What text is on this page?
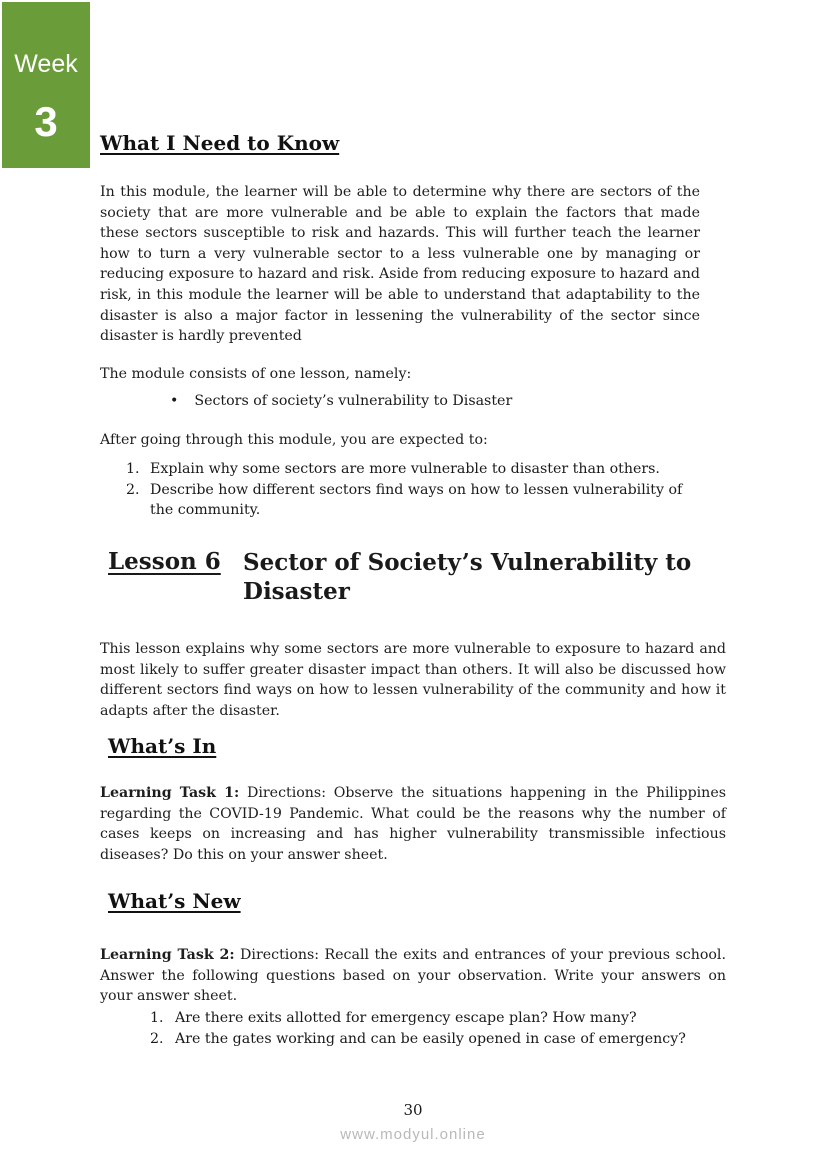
Week
3	What I Need to Know

In this module, the learner will be able to determine why there are sectors of the society that are more vulnerable and be able to explain the factors that made these sectors susceptible to risk and hazards. This will further teach the learner how to turn a very vulnerable sector to a less vulnerable one by managing or reducing exposure to hazard and risk. Aside from reducing exposure to hazard and risk, in this module the learner will be able to understand that adaptability to the disaster is also a major factor in lessening the vulnerability of the sector since disaster is hardly prevented

The module consists of one lesson, namely:

• Sectors of society’s vulnerability to Disaster

After going through this module, you are expected to:

1. Explain why some sectors are more vulnerable to disaster than others.
2. Describe how different sectors find ways on how to lessen vulnerability of the community.
Lesson 6 Sector of Society’s Vulnerability to Disaster

This lesson explains why some sectors are more vulnerable to exposure to hazard and most likely to suffer greater disaster impact than others. It will also be discussed how different sectors find ways on how to lessen vulnerability of the community and how it adapts after the disaster.

What’s In

Learning Task 1: Directions: Observe the situations happening in the Philippines regarding the COVID-19 Pandemic. What could be the reasons why the number of cases keeps on increasing and has higher vulnerability transmissible infectious diseases? Do this on your answer sheet.

What’s New

Learning Task 2: Directions: Recall the exits and entrances of your previous school. Answer the following questions based on your observation. Write your answers on your answer sheet.

1. Are there exits allotted for emergency escape plan? How many?
2. Are the gates working and can be easily opened in case of emergency?
30
www.modyul.online
